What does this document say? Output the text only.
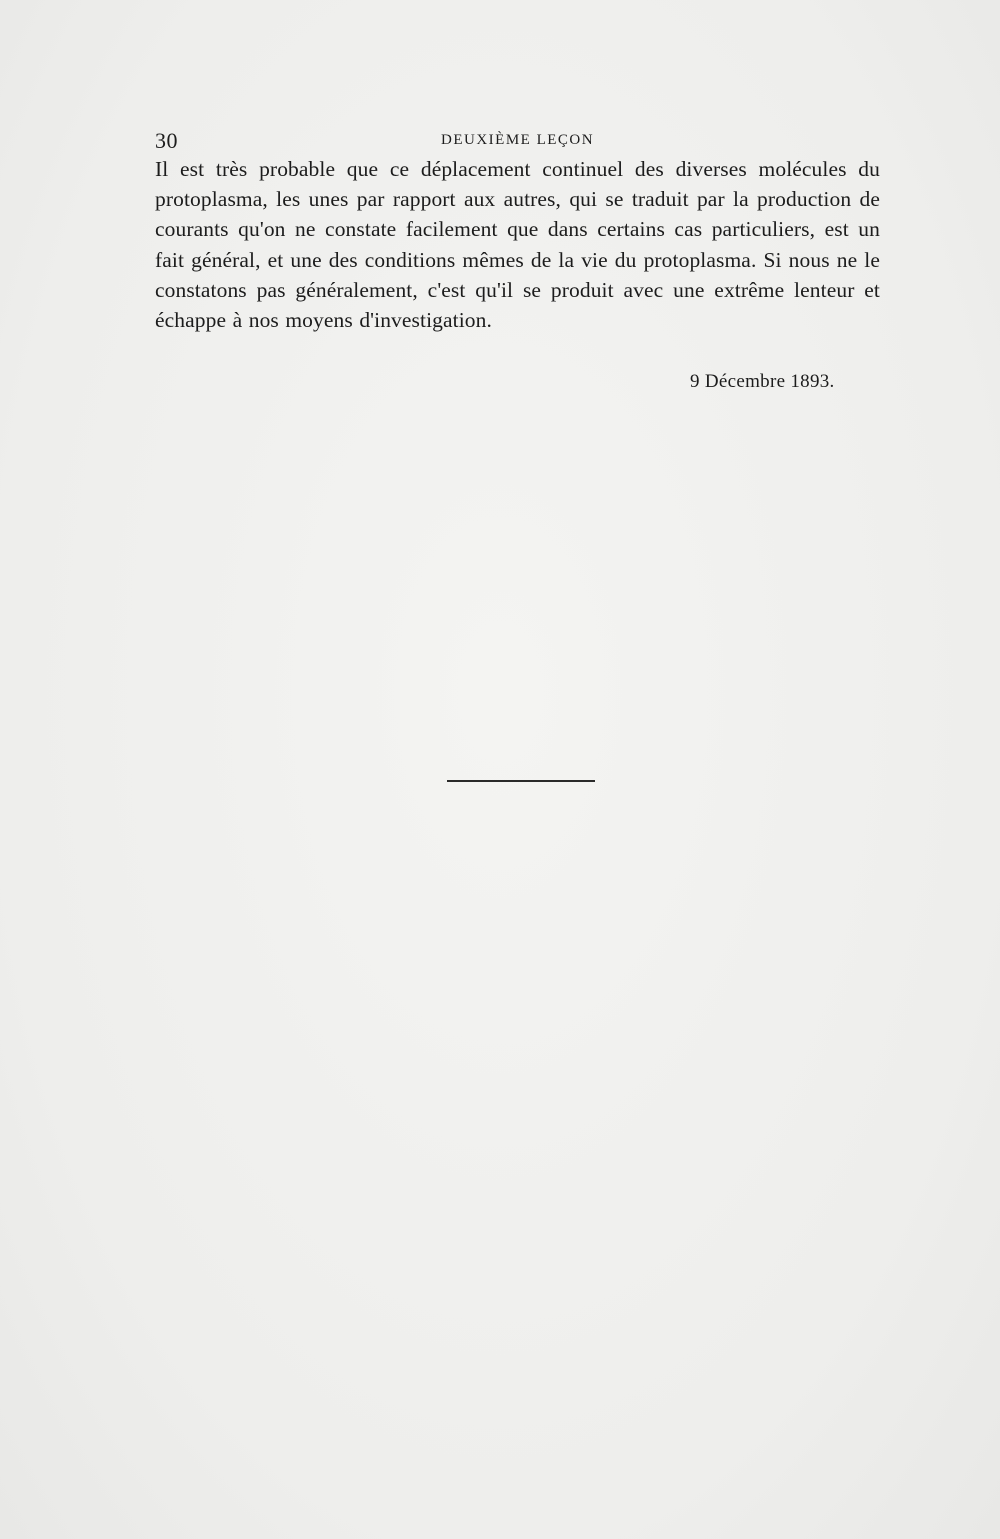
30	DEUXIÈME LEÇON

Il est très probable que ce déplacement continuel des diverses molécules du protoplasma, les unes par rapport aux autres, qui se traduit par la production de courants qu'on ne constate facilement que dans certains cas particuliers, est un fait général, et une des conditions mêmes de la vie du protoplasma. Si nous ne le constatons pas généralement, c'est qu'il se produit avec une extrême lenteur et échappe à nos moyens d'investigation.

9 Décembre 1893.
